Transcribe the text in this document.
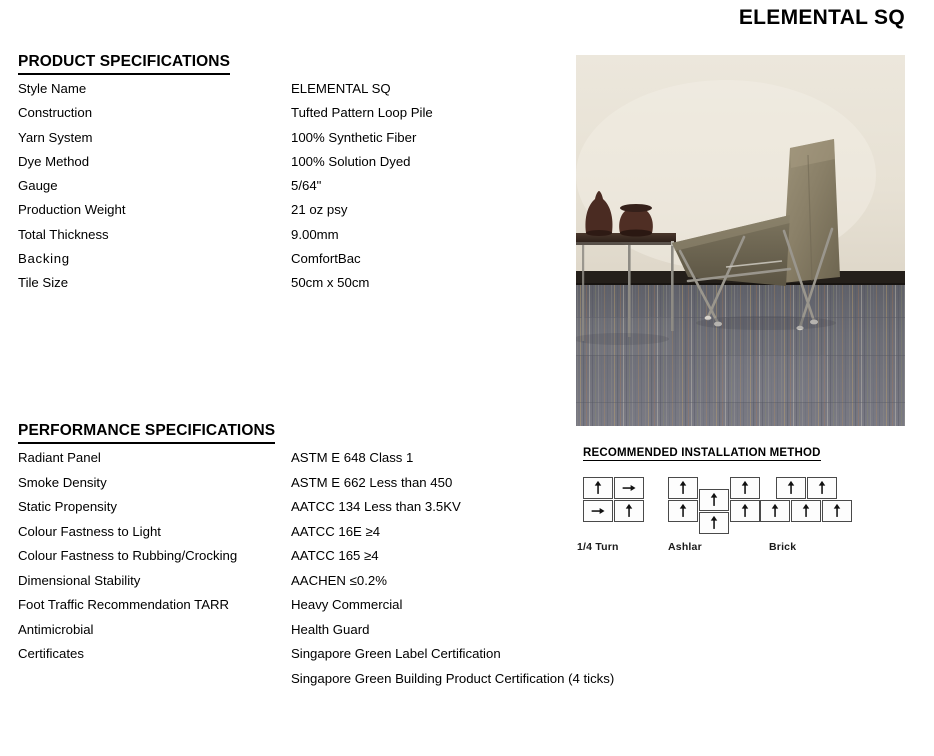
ELEMENTAL SQ
PRODUCT SPECIFICATIONS
Style Name	ELEMENTAL SQ
Construction	Tufted Pattern Loop Pile
Yarn System	100% Synthetic Fiber
Dye Method	100% Solution Dyed
Gauge	5/64"
Production Weight	21 oz psy
Total Thickness	9.00mm
Backing	ComfortBac
Tile Size	50cm x 50cm
PERFORMANCE SPECIFICATIONS
Radiant Panel	ASTM E 648 Class 1
Smoke Density	ASTM E 662 Less than 450
Static Propensity	AATCC 134 Less than 3.5KV
Colour Fastness to Light	AATCC 16E ≥4
Colour Fastness to Rubbing/Crocking	AATCC 165 ≥4
Dimensional Stability	AACHEN ≤0.2%
Foot Traffic Recommendation TARR	Heavy Commercial
Antimicrobial	Health Guard
Certificates	Singapore Green Label Certification
Singapore Green Building Product Certification (4 ticks)
RECOMMENDED INSTALLATION METHOD
1/4 Turn	Ashlar	Brick
